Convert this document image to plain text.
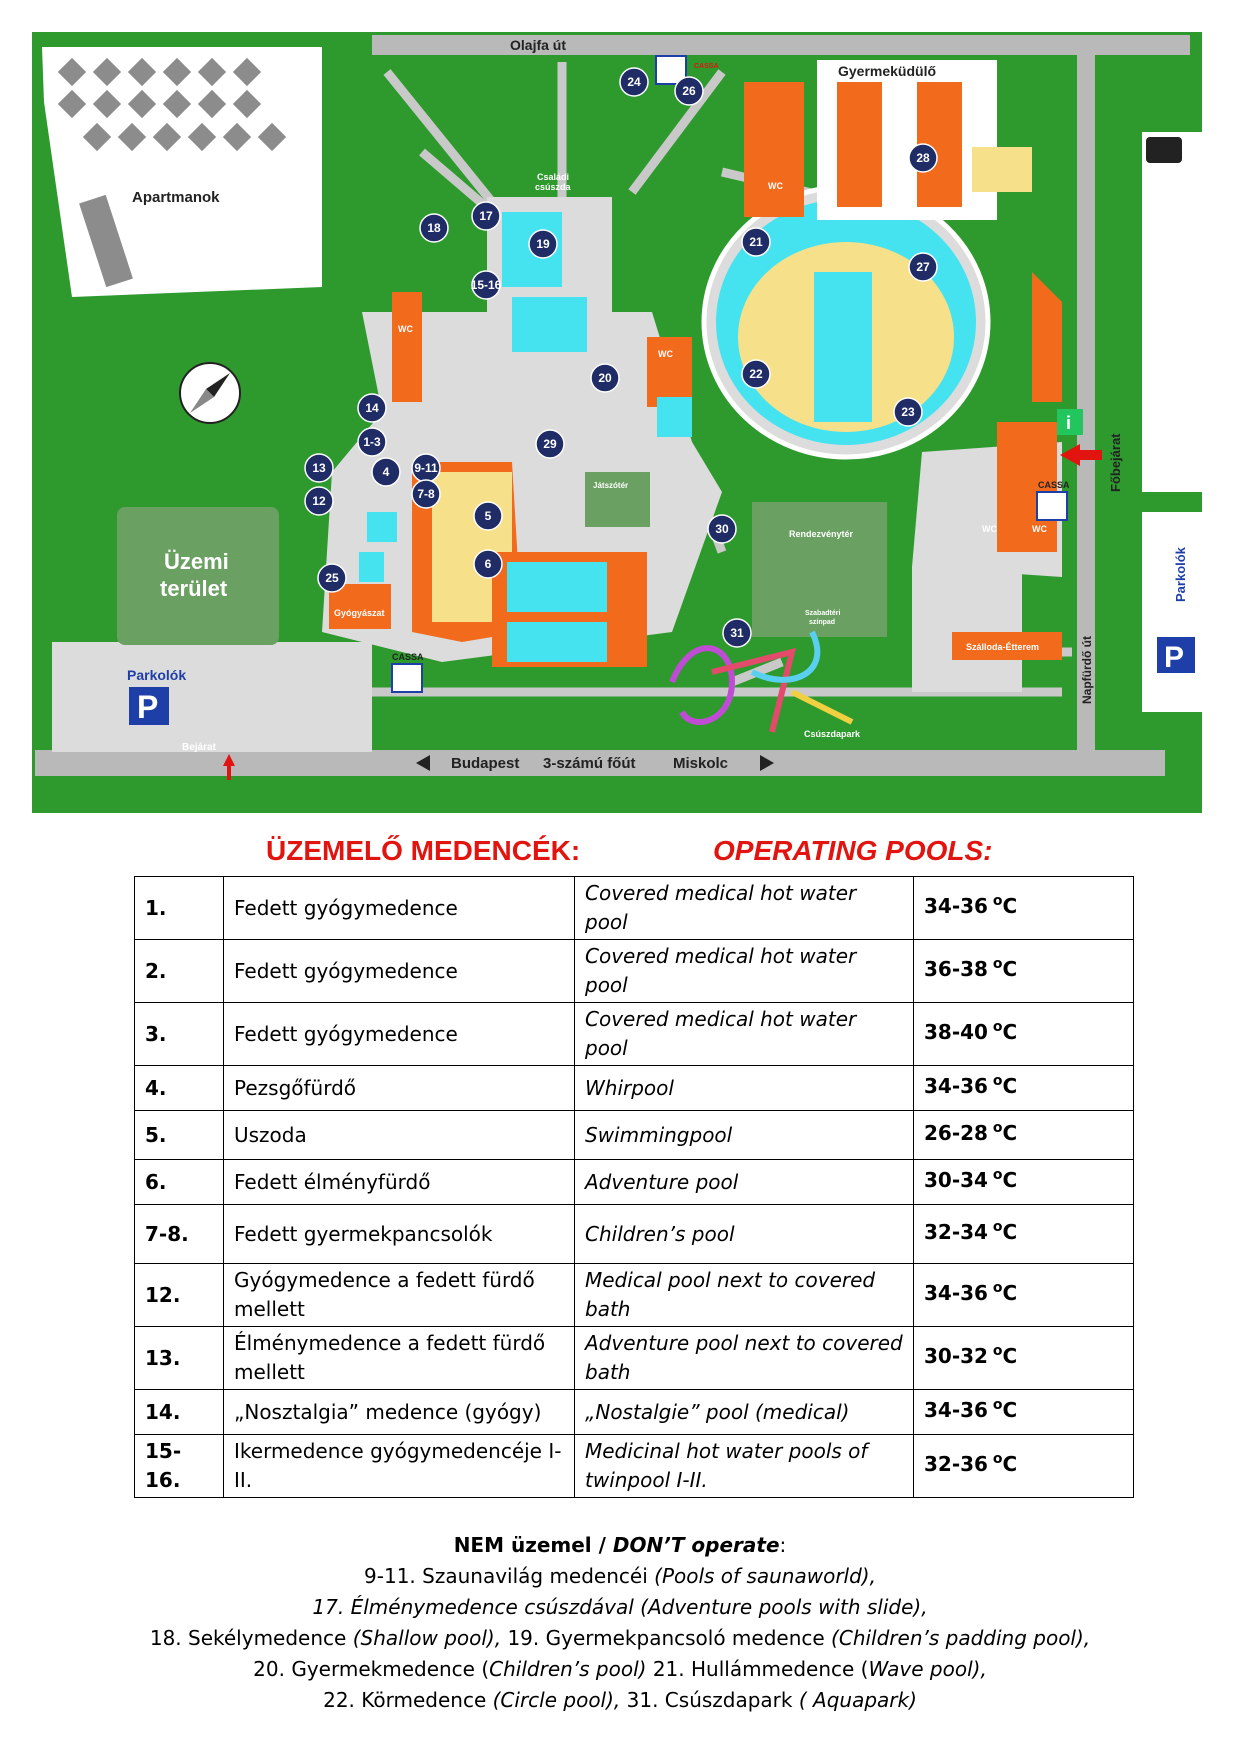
Apartmanok
Olajfa út
Budapest 3-számú főút Miskolc
Napfürdő út
Főbejárat
Gyógyászat
WC
Családi
csúszda
WC
Gyermeküdülő
WC
WC	WC
i
Szálloda-Étterem
Rendezvénytér
Szabadtéri
színpad
Játszótér
Üzemi
terület
Parkolók
P
Bejárat
Parkolók
P
CASSA
CASSA
CASSA
Csúszdapark
24
26
28
17
18
19
15-16
21
27
20	22
14
1-3
4 9-11
7-8
13
12
5
6
25
23
29
30
31
ÜZEMELŐ MEDENCÉK:	OPERATING POOLS:
1.	Fedett gyógymedence	Covered medical hot water pool	34-36 $^o$C
2.	Fedett gyógymedence	Covered medical hot water pool	36-38 $^o$C
3.	Fedett gyógymedence	Covered medical hot water pool	38-40 $^o$C
4.	Pezsgőfürdő	Whirpool	34-36 $^o$C
5.	Uszoda	Swimmingpool	26-28 $^o$C
6.	Fedett élményfürdő	Adventure pool	30-34 $^o$C
7-8.	Fedett gyermekpancsolók	Children’s pool	32-34 $^o$C
12.	Gyógymedence a fedett fürdő mellett	Medical pool next to covered bath	34-36 $^o$C
13.	Élménymedence a fedett fürdő mellett	Adventure pool next to covered bath	30-32 $^o$C
14.	„Nosztalgia” medence (gyógy)	„Nostalgie” pool (medical)	34-36 $^o$C
15-16.	Ikermedence gyógymedencéje I-II.	Medicinal hot water pools of twinpool I-II.	32-36 $^o$C

NEM üzemel / DON’T operate:

9-11. Szaunavilág medencéi (Pools of saunaworld),

17. Élménymedence csúszdával (Adventure pools with slide),

18. Sekélymedence (Shallow pool), 19. Gyermekpancsoló medence (Children’s padding pool),

20. Gyermekmedence (Children’s pool) 21. Hullámmedence (Wave pool),

22. Körmedence (Circle pool), 31. Csúszdapark ( Aquapark)
